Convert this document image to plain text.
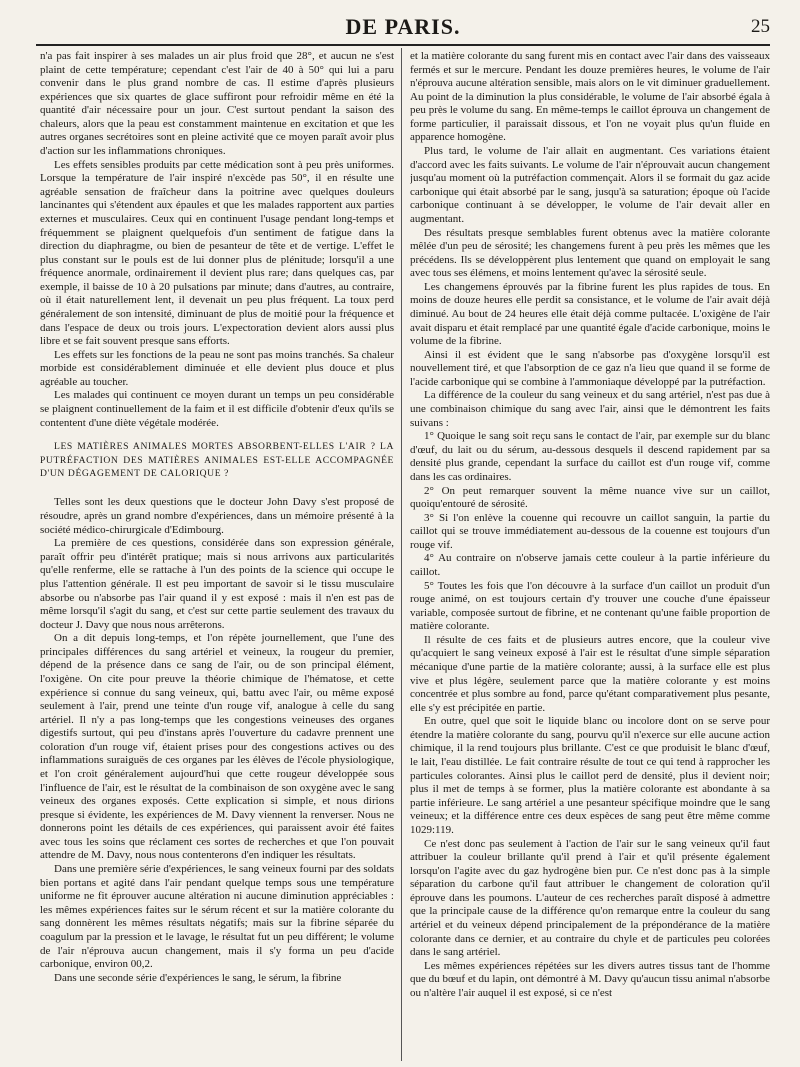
DE PARIS.	25

n'a pas fait inspirer à ses malades un air plus froid que 28°, et aucun ne s'est plaint de cette température; cependant c'est l'air de 40 à 50° qui lui a paru convenir dans le plus grand nombre de cas. Il estime d'après plusieurs expériences que six quartes de glace suffiront pour refroidir même en été la quantité d'air nécessaire pour un jour. C'est surtout pendant la saison des chaleurs, alors que la peau est constamment maintenue en excitation et que les autres organes secrétoires sont en pleine activité que ce moyen paraît avoir plus d'action sur les inflammations chroniques.

Les effets sensibles produits par cette médication sont à peu près uniformes. Lorsque la température de l'air inspiré n'excède pas 50°, il en résulte une agréable sensation de fraîcheur dans la poitrine avec quelques douleurs lancinantes qui s'étendent aux épaules et que les malades rapportent aux parties externes et musculaires. Ceux qui en continuent l'usage pendant long-temps et fréquemment se plaignent quelquefois d'un sentiment de fatigue dans la direction du diaphragme, ou bien de pesanteur de tête et de vertige. L'effet le plus constant sur le pouls est de lui donner plus de plénitude; lorsqu'il a une fréquence anormale, ordinairement il devient plus rare; dans quelques cas, par exemple, il baisse de 10 à 20 pulsations par minute; dans d'autres, au contraire, où il était naturellement lent, il devenait un peu plus fréquent. La toux perd généralement de son intensité, diminuant de plus de moitié pour la fréquence et dans l'espace de deux ou trois jours. L'expectoration devient alors aussi plus libre et se fait souvent presque sans efforts.

Les effets sur les fonctions de la peau ne sont pas moins tranchés. Sa chaleur morbide est considérablement diminuée et elle devient plus douce et plus agréable au toucher.

Les malades qui continuent ce moyen durant un temps un peu considérable se plaignent continuellement de la faim et il est difficile d'obtenir d'eux qu'ils se contentent d'une diète végétale modérée.

LES MATIÈRES ANIMALES MORTES ABSORBENT-ELLES L'AIR ? LA PUTRÉFACTION DES MATIÈRES ANIMALES EST-ELLE ACCOMPAGNÉE D'UN DÉGAGEMENT DE CALORIQUE ?

Telles sont les deux questions que le docteur John Davy s'est proposé de résoudre, après un grand nombre d'expériences, dans un mémoire présenté à la société médico-chirurgicale d'Edimbourg.

La première de ces questions, considérée dans son expression générale, paraît offrir peu d'intérêt pratique; mais si nous arrivons aux particularités qu'elle renferme, elle se rattache à l'un des points de la science qui occupe le plus l'attention générale. Il est peu important de savoir si le tissu musculaire absorbe ou n'absorbe pas l'air quand il y est exposé : mais il n'en est pas de même lorsqu'il s'agit du sang, et c'est sur cette partie seulement des travaux du docteur J. Davy que nous nous arrêterons.

On a dit depuis long-temps, et l'on répète journellement, que l'une des principales différences du sang artériel et veineux, la rougeur du premier, dépend de la présence dans ce sang de l'air, ou de son principal élément, l'oxigène. On cite pour preuve la théorie chimique de l'hématose, et cette expérience si connue du sang veineux, qui, battu avec l'air, ou même exposé seulement à l'air, prend une teinte d'un rouge vif, analogue à celle du sang artériel. Il n'y a pas long-temps que les congestions veineuses des organes digestifs surtout, qui peu d'instans après l'ouverture du cadavre prennent une coloration d'un rouge vif, étaient prises pour des congestions actives ou des inflammations suraiguës de ces organes par les élèves de l'école physiologique, et l'on croit généralement aujourd'hui que cette rougeur développée sous l'influence de l'air, est le résultat de la combinaison de son oxygène avec le sang veineux des organes exposés. Cette explication si simple, et nous dirions presque si évidente, les expériences de M. Davy viennent la renverser. Nous ne donnerons point les détails de ces expériences, qui paraissent avoir été faites avec tous les soins que réclament ces sortes de recherches et que l'on pouvait attendre de M. Davy, nous nous contenterons d'en indiquer les résultats.

Dans une première série d'expériences, le sang veineux fourni par des soldats bien portans et agité dans l'air pendant quelque temps sous une température uniforme ne fit éprouver aucune altération ni aucune diminution appréciables : les mêmes expériences faites sur le sérum récent et sur la matière colorante du sang donnèrent les mêmes résultats négatifs; mais sur la fibrine séparée du coagulum par la pression et le lavage, le résultat fut un peu différent; le volume de l'air n'éprouva aucun changement, mais il s'y forma un peu d'acide carbonique, environ 00,2.

Dans une seconde série d'expériences le sang, le sérum, la fibrine

et la matière colorante du sang furent mis en contact avec l'air dans des vaisseaux fermés et sur le mercure. Pendant les douze premières heures, le volume de l'air n'éprouva aucune altération sensible, mais alors on le vit diminuer graduellement. Au point de la diminution la plus considérable, le volume de l'air absorbé égala à peu près le volume du sang. En même-temps le caillot éprouva un changement de forme particulier, il paraissait dissous, et l'on ne voyait plus qu'un fluide en apparence homogène.

Plus tard, le volume de l'air allait en augmentant. Ces variations étaient d'accord avec les faits suivants. Le volume de l'air n'éprouvait aucun changement jusqu'au moment où la putréfaction commençait. Alors il se formait du gaz acide carbonique qui était absorbé par le sang, jusqu'à sa saturation; époque où l'acide carbonique continuant à se développer, le volume de l'air devait aller en augmentant.

Des résultats presque semblables furent obtenus avec la matière colorante mêlée d'un peu de sérosité; les changemens furent à peu près les mêmes que les précédens. Ils se développèrent plus lentement que quand on employait le sang avec tous ses élémens, et moins lentement qu'avec la sérosité seule.

Les changemens éprouvés par la fibrine furent les plus rapides de tous. En moins de douze heures elle perdit sa consistance, et le volume de l'air avait déjà diminué. Au bout de 24 heures elle était déjà comme pultacée. L'oxigène de l'air avait disparu et était remplacé par une quantité égale d'acide carbonique, moins le volume de la fibrine.

Ainsi il est évident que le sang n'absorbe pas d'oxygène lorsqu'il est nouvellement tiré, et que l'absorption de ce gaz n'a lieu que quand il se forme de l'acide carbonique qui se combine à l'ammoniaque développé par la putréfaction.

La différence de la couleur du sang veineux et du sang artériel, n'est pas due à une combinaison chimique du sang avec l'air, ainsi que le démontrent les faits suivans :

1° Quoique le sang soit reçu sans le contact de l'air, par exemple sur du blanc d'œuf, du lait ou du sérum, au-dessous desquels il descend rapidement par sa densité plus grande, cependant la surface du caillot est d'un rouge vif, comme dans les cas ordinaires.

2° On peut remarquer souvent la même nuance vive sur un caillot, quoiqu'entouré de sérosité.

3° Si l'on enlève la couenne qui recouvre un caillot sanguin, la partie du caillot qui se trouve immédiatement au-dessous de la couenne est toujours d'un rouge vif.

4° Au contraire on n'observe jamais cette couleur à la partie inférieure du caillot.

5° Toutes les fois que l'on découvre à la surface d'un caillot un produit d'un rouge animé, on est toujours certain d'y trouver une couche d'une épaisseur variable, composée surtout de fibrine, et ne contenant qu'une faible proportion de matière colorante.

Il résulte de ces faits et de plusieurs autres encore, que la couleur vive qu'acquiert le sang veineux exposé à l'air est le résultat d'une simple séparation mécanique d'une partie de la matière colorante; aussi, à la surface elle est plus vive et plus légère, seulement parce que la matière colorante y est moins concentrée et plus sombre au fond, parce qu'étant comparativement plus pesante, elle s'y est précipitée en partie.

En outre, quel que soit le liquide blanc ou incolore dont on se serve pour étendre la matière colorante du sang, pourvu qu'il n'exerce sur elle aucune action chimique, il la rend toujours plus brillante. C'est ce que produisit le blanc d'œuf, le lait, l'eau distillée. Le fait contraire résulte de tout ce qui tend à rapprocher les particules colorantes. Ainsi plus le caillot perd de densité, plus il devient noir; plus il met de temps à se former, plus la matière colorante est abondante à sa partie inférieure. Le sang artériel a une pesanteur spécifique moindre que le sang veineux; et la différence entre ces deux espèces de sang peut être même comme 1029:119.

Ce n'est donc pas seulement à l'action de l'air sur le sang veineux qu'il faut attribuer la couleur brillante qu'il prend à l'air et qu'il présente également lorsqu'on l'agite avec du gaz hydrogène bien pur. Ce n'est donc pas à la simple séparation du carbone qu'il faut attribuer le changement de coloration qu'il éprouve dans les poumons. L'auteur de ces recherches paraît disposé à admettre que la principale cause de la différence qu'on remarque entre la couleur du sang artériel et du veineux dépend principalement de la prépondérance de la matière colorante dans ce dernier, et au contraire du chyle et de particules peu colorées dans le sang artériel.

Les mêmes expériences répétées sur les divers autres tissus tant de l'homme que du bœuf et du lapin, ont démontré à M. Davy qu'aucun tissu animal n'absorbe ou n'altère l'air auquel il est exposé, si ce n'est
